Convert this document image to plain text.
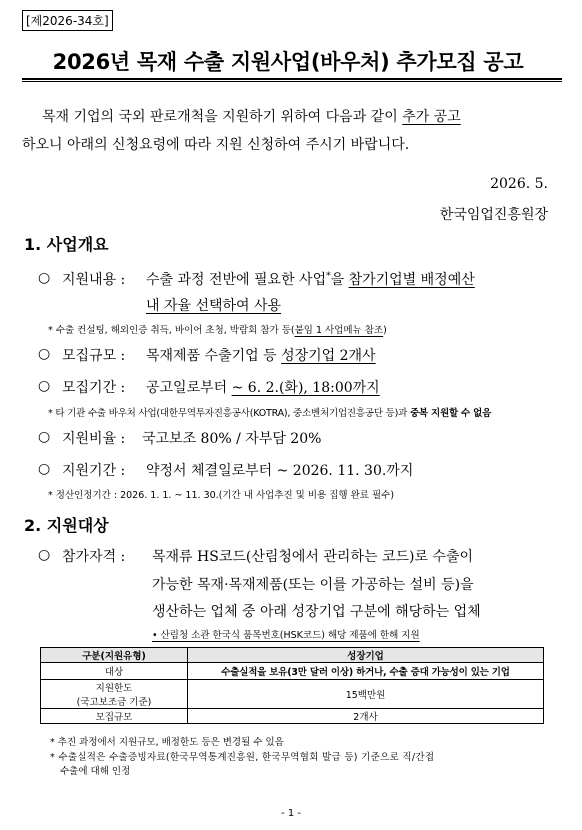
[제2026-34호]
2026년 목재 수출 지원사업(바우처) 추가모집 공고
목재 기업의 국외 판로개척을 지원하기 위하여 다음과 같이 추가 공고
하오니 아래의 신청요령에 따라 지원 신청하여 주시기 바랍니다.
2026. 5.
한국임업진흥원장
1. 사업개요
○ 지원내용 : 수출 과정 전반에 필요한 사업*을 참가기업별 배정예산
내 자율 선택하여 사용
* 수출 컨설팅, 해외인증 취득, 바이어 초청, 박람회 참가 등(붙임 1 사업메뉴 참조)
○ 모집규모 : 목재제품 수출기업 등 성장기업 2개사
○ 모집기간 : 공고일로부터 ~ 6. 2.(화), 18:00까지
* 타 기관 수출 바우처 사업(대한무역투자진흥공사(KOTRA), 중소벤처기업진흥공단 등)과 중복 지원할 수 없음
○ 지원비율 : 국고보조 80% / 자부담 20%
○ 지원기간 : 약정서 체결일로부터 ~ 2026. 11. 30.까지
* 정산인정기간 : 2026. 1. 1. ~ 11. 30.(기간 내 사업추진 및 비용 집행 완료 필수)
2. 지원대상
○ 참가자격 : 목재류 HS코드(산림청에서 관리하는 코드)로 수출이
가능한 목재·목재제품(또는 이를 가공하는 설비 등)을
생산하는 업체 중 아래 성장기업 구분에 해당하는 업체
• 산림청 소관 한국식 품목번호(HSK코드) 해당 제품에 한해 지원
구분(지원유형)	성장기업
대상	수출실적을 보유(3만 달러 이상) 하거나, 수출 증대 가능성이 있는 기업

지원한도
(국고보조금 기준)	15백만원
모집규모	2개사
* 추진 과정에서 지원규모, 배정한도 등은 변경될 수 있음
* 수출실적은 수출증빙자료(한국무역통계진흥원, 한국무역협회 발급 등) 기준으로 직/간접
수출에 대해 인정
- 1 -
